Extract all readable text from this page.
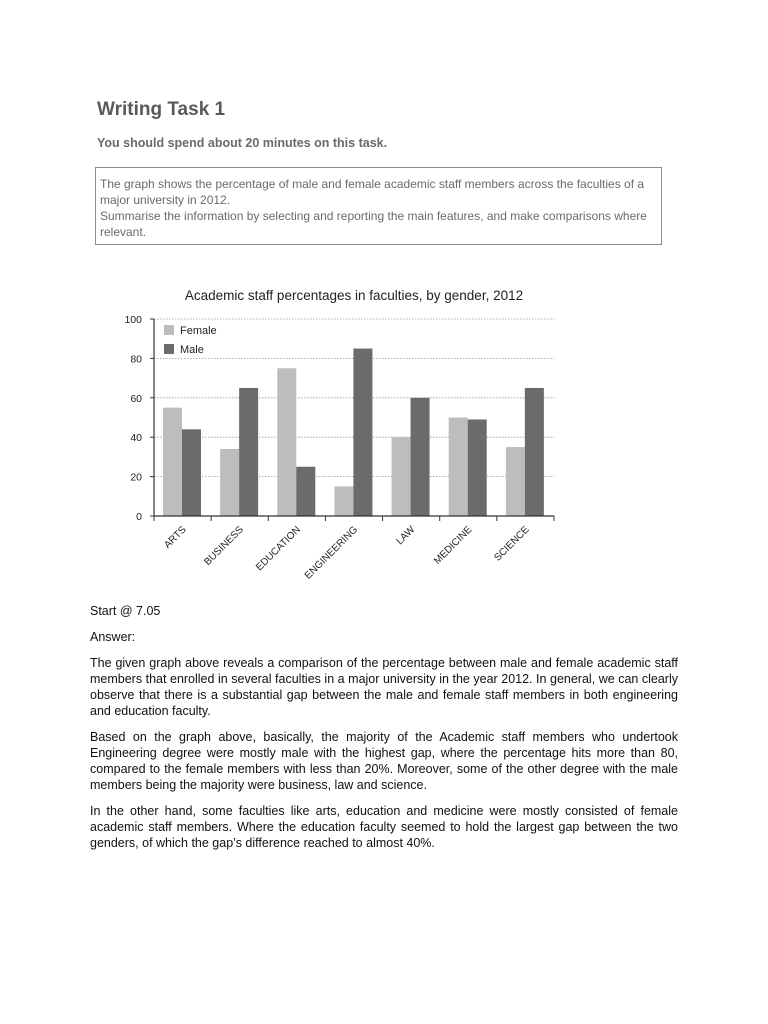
Writing Task 1

You should spend about 20 minutes on this task.

The graph shows the percentage of male and female academic staff members across the faculties of a major university in 2012.

Summarise the information by selecting and reporting the main features, and make comparisons where relevant.

Academic staff percentages in faculties, by gender, 2012
0
20
40
60
80
100
ARTS BUSINESS EDUCATION ENGINEERING	LAW MEDICINE SCIENCE
Female
Male

Start @ 7.05

Answer:

The given graph above reveals a comparison of the percentage between male and female academic staff members that enrolled in several faculties in a major university in the year 2012. In general, we can clearly observe that there is a substantial gap between the male and female staff members in both engineering and education faculty.

Based on the graph above, basically, the majority of the Academic staff members who undertook Engineering degree were mostly male with the highest gap, where the percentage hits more than 80, compared to the female members with less than 20%. Moreover, some of the other degree with the male members being the majority were business, law and science.

In the other hand, some faculties like arts, education and medicine were mostly consisted of female academic staff members. Where the education faculty seemed to hold the largest gap between the two genders, of which the gap’s difference reached to almost 40%.
